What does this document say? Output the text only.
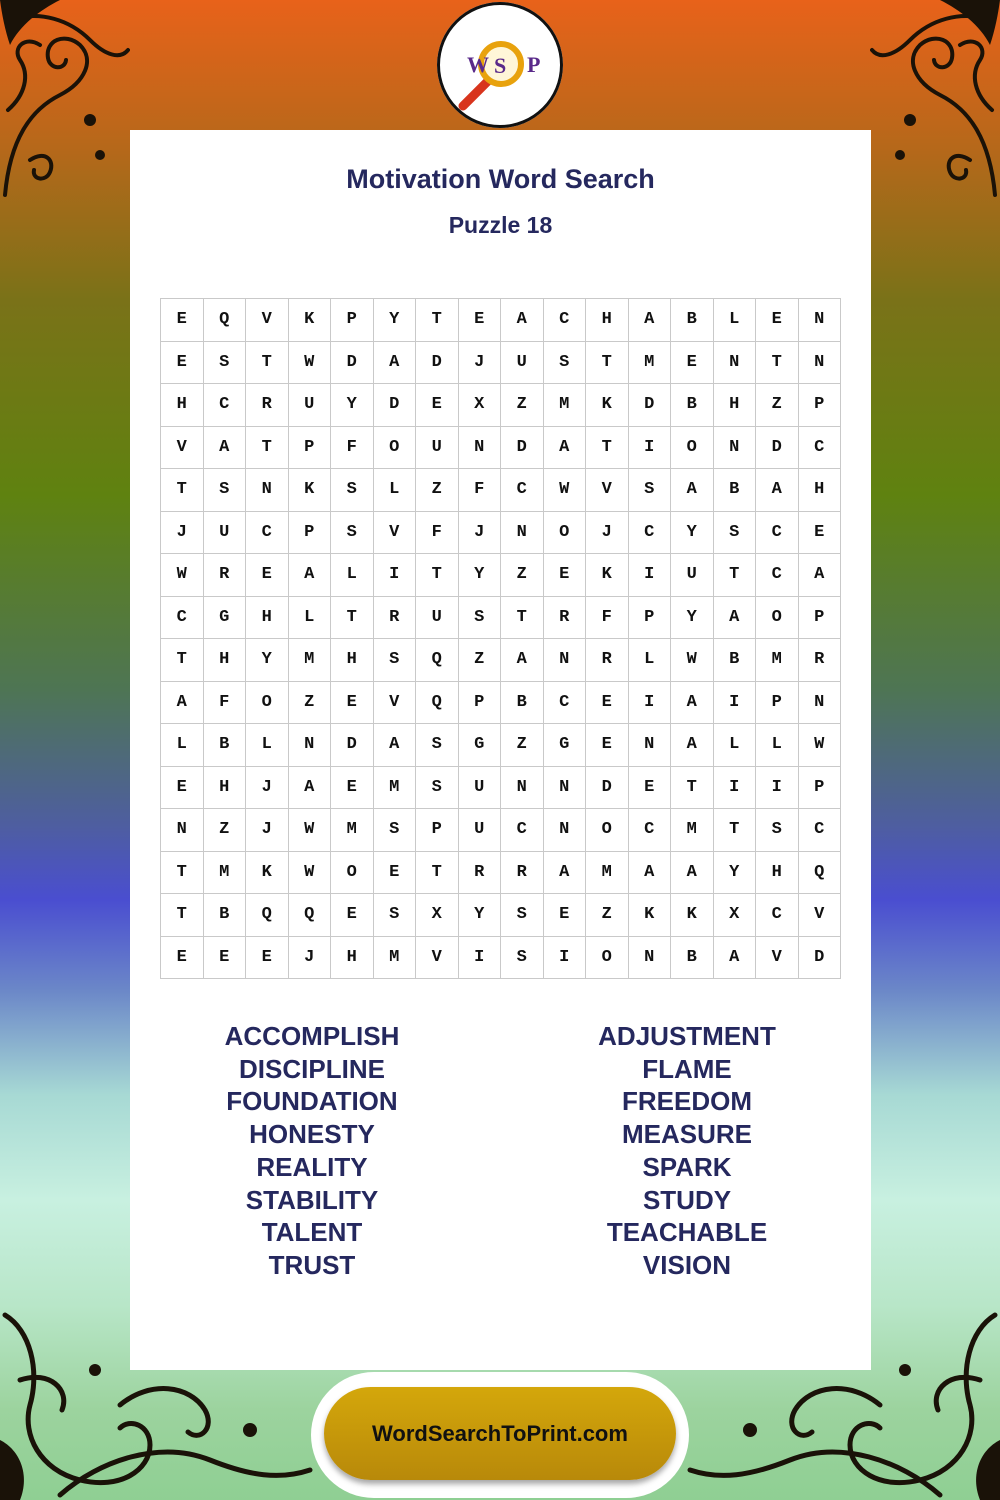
W S P
Motivation Word Search
Puzzle 18
E	Q	V	K	P	Y	T	E	A	C	H	A	B	L	E	N
E	S	T	W	D	A	D	J	U	S	T	M	E	N	T	N
H	C	R	U	Y	D	E	X	Z	M	K	D	B	H	Z	P
V	A	T	P	F	O	U	N	D	A	T	I	O	N	D	C
T	S	N	K	S	L	Z	F	C	W	V	S	A	B	A	H
J	U	C	P	S	V	F	J	N	O	J	C	Y	S	C	E
W	R	E	A	L	I	T	Y	Z	E	K	I	U	T	C	A
C	G	H	L	T	R	U	S	T	R	F	P	Y	A	O	P
T	H	Y	M	H	S	Q	Z	A	N	R	L	W	B	M	R
A	F	O	Z	E	V	Q	P	B	C	E	I	A	I	P	N
L	B	L	N	D	A	S	G	Z	G	E	N	A	L	L	W
E	H	J	A	E	M	S	U	N	N	D	E	T	I	I	P
N	Z	J	W	M	S	P	U	C	N	O	C	M	T	S	C
T	M	K	W	O	E	T	R	R	A	M	A	A	Y	H	Q
T	B	Q	Q	E	S	X	Y	S	E	Z	K	K	X	C	V
E	E	E	J	H	M	V	I	S	I	O	N	B	A	V	D
ACCOMPLISH
DISCIPLINE
FOUNDATION
HONESTY
REALITY
STABILITY
TALENT
TRUST
ADJUSTMENT
FLAME
FREEDOM
MEASURE
SPARK
STUDY
TEACHABLE
VISION
WordSearchToPrint.com
